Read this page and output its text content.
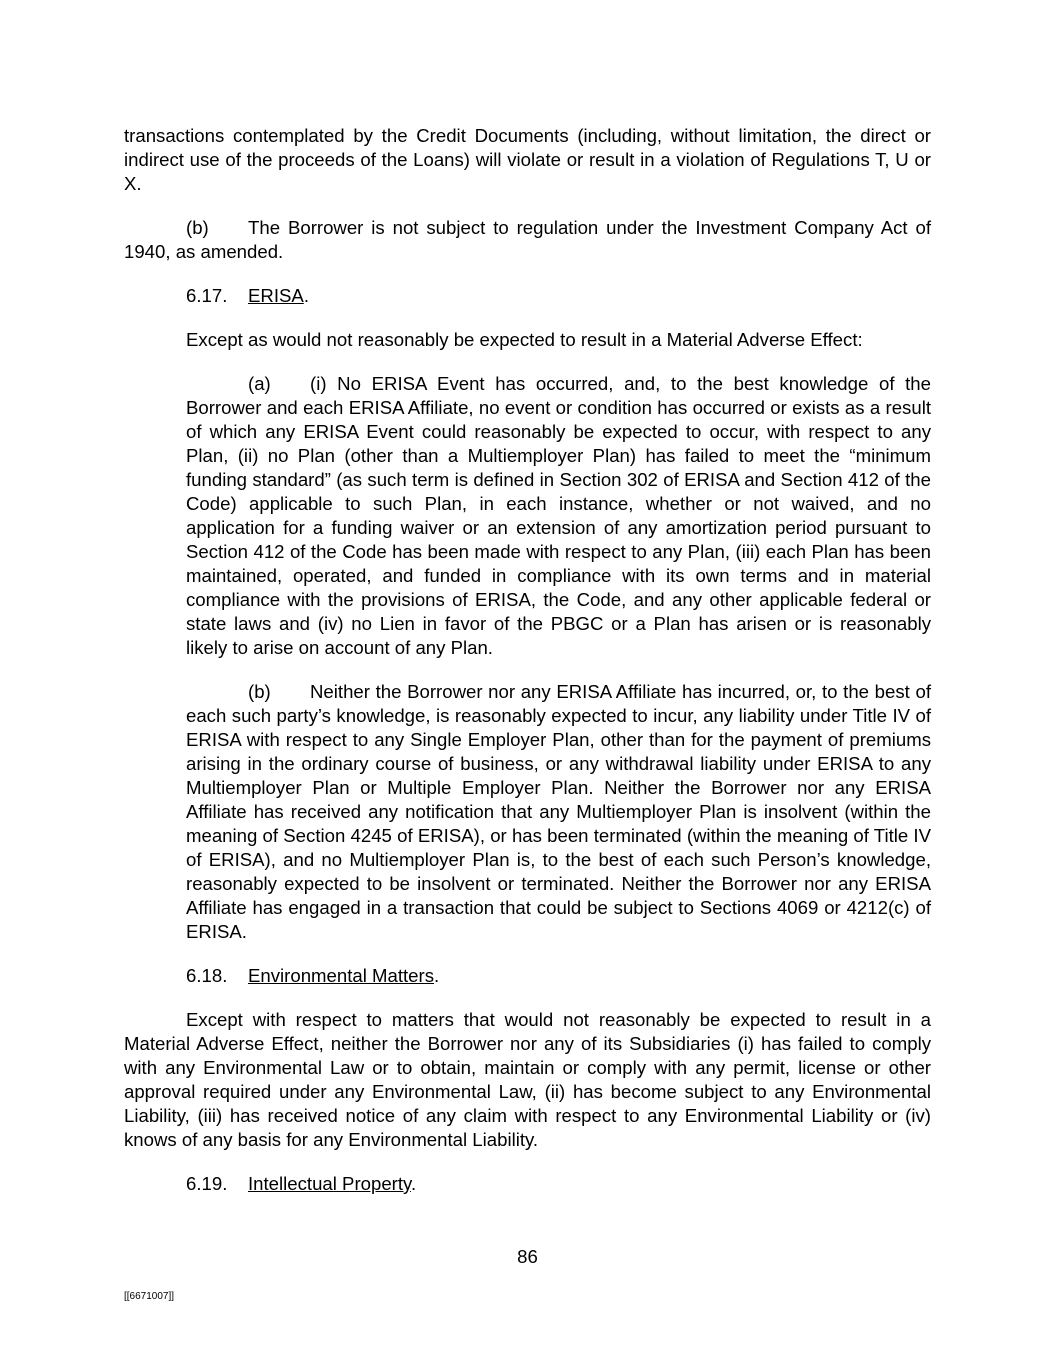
transactions contemplated by the Credit Documents (including, without limitation, the direct or indirect use of the proceeds of the Loans) will violate or result in a violation of Regulations T, U or X.

(b) The Borrower is not subject to regulation under the Investment Company Act of 1940, as amended.

6.17. ERISA.

Except as would not reasonably be expected to result in a Material Adverse Effect:

(a) (i) No ERISA Event has occurred, and, to the best knowledge of the Borrower and each ERISA Affiliate, no event or condition has occurred or exists as a result of which any ERISA Event could reasonably be expected to occur, with respect to any Plan, (ii) no Plan (other than a Multiemployer Plan) has failed to meet the “minimum funding standard” (as such term is defined in Section 302 of ERISA and Section 412 of the Code) applicable to such Plan, in each instance, whether or not waived, and no application for a funding waiver or an extension of any amortization period pursuant to Section 412 of the Code has been made with respect to any Plan, (iii) each Plan has been maintained, operated, and funded in compliance with its own terms and in material compliance with the provisions of ERISA, the Code, and any other applicable federal or state laws and (iv) no Lien in favor of the PBGC or a Plan has arisen or is reasonably likely to arise on account of any Plan.

(b) Neither the Borrower nor any ERISA Affiliate has incurred, or, to the best of each such party’s knowledge, is reasonably expected to incur, any liability under Title IV of ERISA with respect to any Single Employer Plan, other than for the payment of premiums arising in the ordinary course of business, or any withdrawal liability under ERISA to any Multiemployer Plan or Multiple Employer Plan. Neither the Borrower nor any ERISA Affiliate has received any notification that any Multiemployer Plan is insolvent (within the meaning of Section 4245 of ERISA), or has been terminated (within the meaning of Title IV of ERISA), and no Multiemployer Plan is, to the best of each such Person’s knowledge, reasonably expected to be insolvent or terminated. Neither the Borrower nor any ERISA Affiliate has engaged in a transaction that could be subject to Sections 4069 or 4212(c) of ERISA.

6.18. Environmental Matters.

Except with respect to matters that would not reasonably be expected to result in a Material Adverse Effect, neither the Borrower nor any of its Subsidiaries (i) has failed to comply with any Environmental Law or to obtain, maintain or comply with any permit, license or other approval required under any Environmental Law, (ii) has become subject to any Environmental Liability, (iii) has received notice of any claim with respect to any Environmental Liability or (iv) knows of any basis for any Environmental Liability.

6.19. Intellectual Property.

86
[[6671007]]
